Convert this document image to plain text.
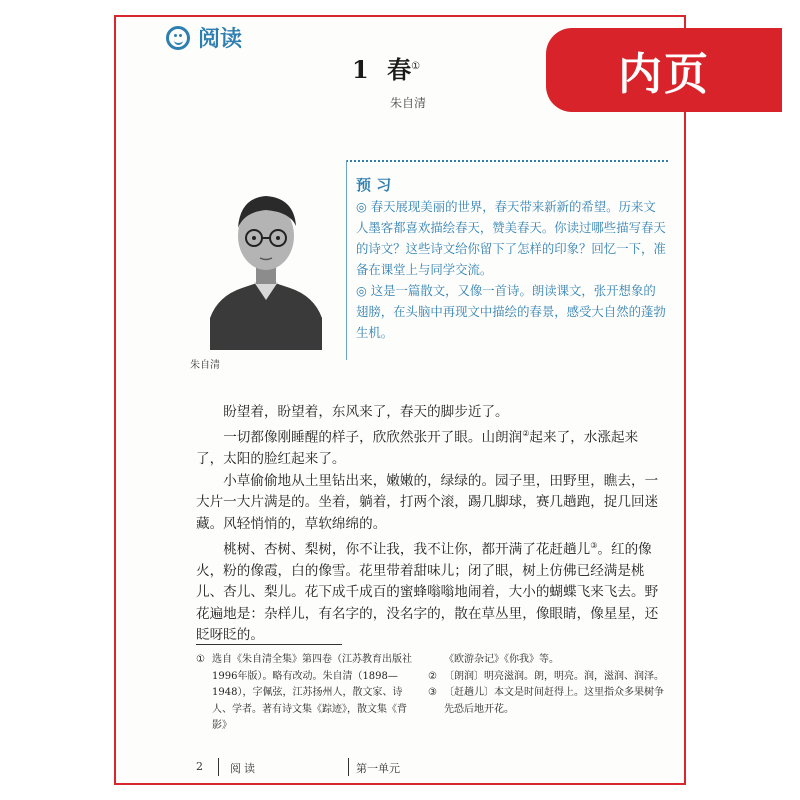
阅读
内页
1 春①
朱自清
朱自清
预 习

◎ 春天展现美丽的世界，春天带来新新的希望。历来文人墨客都喜欢描绘春天，赞美春天。你读过哪些描写春天的诗文？这些诗文给你留下了怎样的印象？回忆一下，准备在课堂上与同学交流。

◎ 这是一篇散文，又像一首诗。朗读课文，张开想象的翅膀，在头脑中再现文中描绘的春景，感受大自然的蓬勃生机。

盼望着，盼望着，东风来了，春天的脚步近了。

一切都像刚睡醒的样子，欣欣然张开了眼。山朗润②起来了，水涨起来了，太阳的脸红起来了。

小草偷偷地从土里钻出来，嫩嫩的，绿绿的。园子里，田野里，瞧去，一大片一大片满是的。坐着，躺着，打两个滚，踢几脚球，赛几趟跑，捉几回迷藏。风轻悄悄的，草软绵绵的。

桃树、杏树、梨树，你不让我，我不让你，都开满了花赶趟儿③。红的像火，粉的像霞，白的像雪。花里带着甜味儿；闭了眼，树上仿佛已经满是桃儿、杏儿、梨儿。花下成千成百的蜜蜂嗡嗡地闹着，大小的蝴蝶飞来飞去。野花遍地是：杂样儿，有名字的，没名字的，散在草丛里，像眼睛，像星星，还眨呀眨的。

① 选自《朱自清全集》第四卷（江苏教育出版社1996年版）。略有改动。朱自清（1898—1948），字佩弦，江苏扬州人，散文家、诗人、学者。著有诗文集《踪迹》，散文集《背影》
《欧游杂记》《你我》等。
② 〔朗润〕明亮滋润。朗，明亮。润，滋润、润泽。
③ 〔赶趟儿〕本文是时间赶得上。这里指众多果树争先恐后地开花。
2 阅读	第一单元
